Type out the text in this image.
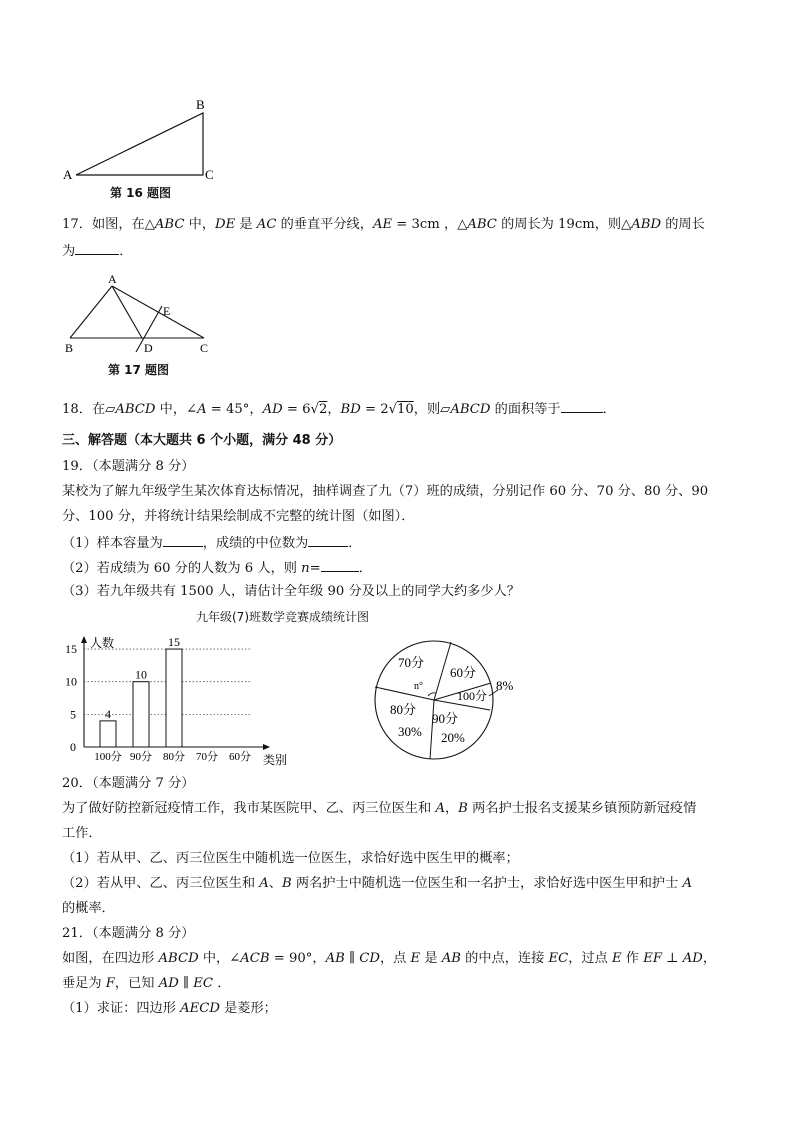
A
B
C
第 16 题图
17．如图，在△ABC 中，DE 是 AC 的垂直平分线，AE = 3cm ，△ABC 的周长为 19cm，则△ABD 的周长
为	．
A
B	C
D
E
第 17 题图
18．在▱ABCD 中，∠A = 45°，AD = 6√2，BD = 2√10，则▱ABCD 的面积等于	．
三、解答题（本大题共 6 个小题，满分 48 分）
19．（本题满分 8 分）
某校为了解九年级学生某次体育达标情况，抽样调查了九（7）班的成绩，分别记作 60 分、70 分、80 分、90
分、100 分，并将统计结果绘制成不完整的统计图（如图）．
（1）样本容量为	，成绩的中位数为	．
（2）若成绩为 60 分的人数为 6 人，则 n=	．
（3）若九年级共有 1500 人，请估计全年级 90 分及以上的同学大约多少人？
九年级(7)班数学竞赛成绩统计图
人数
类别
0
5
10
15
4
10
15
100分 90分 80分 70分 60分
70分
60分
100分
8%
90分
20%
80分
30%
n°
20．（本题满分 7 分）
为了做好防控新冠疫情工作，我市某医院甲、乙、丙三位医生和 A，B 两名护士报名支援某乡镇预防新冠疫情
工作．
（1）若从甲、乙、丙三位医生中随机选一位医生，求恰好选中医生甲的概率；
（2）若从甲、乙、丙三位医生和 A、B 两名护士中随机选一位医生和一名护士，求恰好选中医生甲和护士 A
的概率．
21．（本题满分 8 分）
如图，在四边形 ABCD 中，∠ACB = 90°，AB ∥ CD，点 E 是 AB 的中点，连接 EC，过点 E 作 EF ⊥ AD，
垂足为 F，已知 AD ∥ EC ．
（1）求证：四边形 AECD 是菱形；
